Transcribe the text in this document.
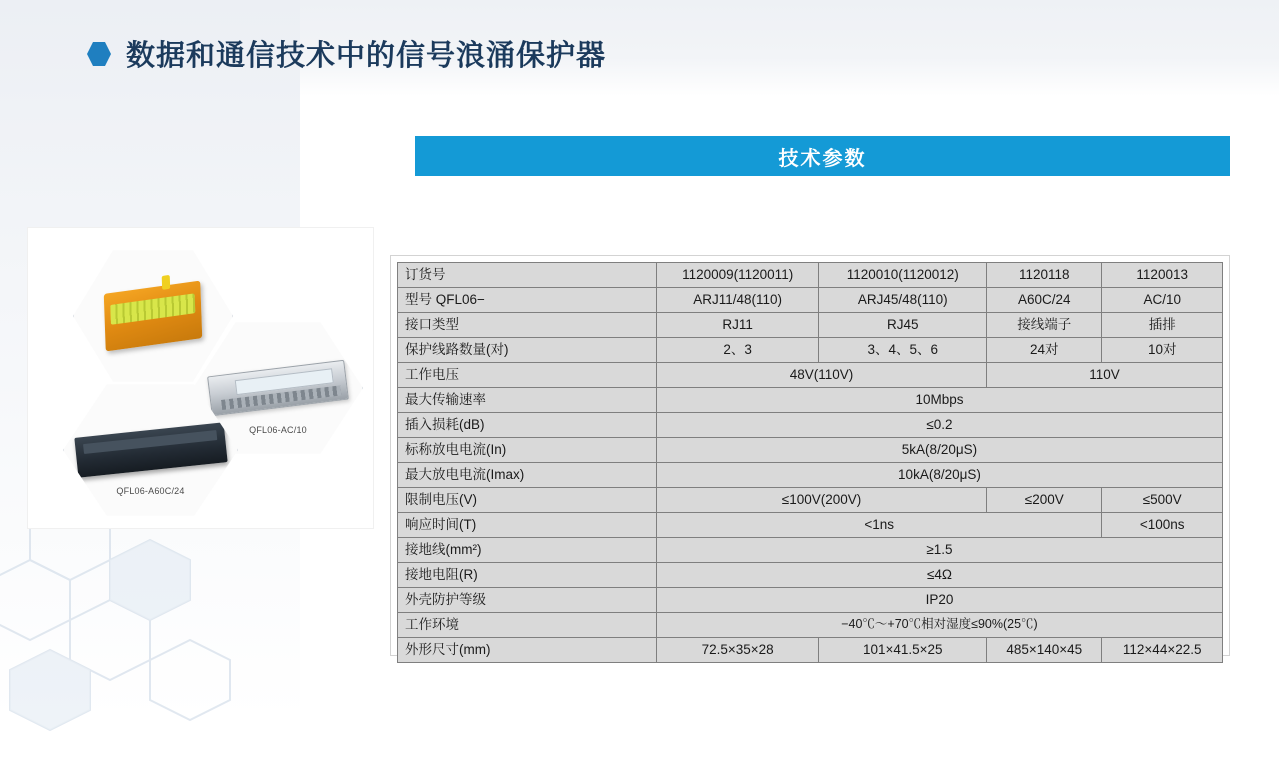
数据和通信技术中的信号浪涌保护器
技术参数
QFL06-AC/10
QFL06-A60C/24
订货号	1120009(1120011)	1120010(1120012)	1120118	1120013
型号 QFL06−	ARJ11/48(110)	ARJ45/48(110)	A60C/24	AC/10
接口类型	RJ11	RJ45	接线端子	插排
保护线路数量(对)	2、3	3、4、5、6	24对	10对
工作电压	48V(110V)		110V	
最大传输速率	10Mbps			
插入损耗(dB)	≤0.2			
标称放电电流(In)	5kA(8/20μS)			
最大放电电流(Imax)	10kA(8/20μS)			
限制电压(V)	≤100V(200V)		≤200V	≤500V
响应时间(T)	<1ns			<100ns
接地线(mm²)	≥1.5			
接地电阻(R)	≤4Ω			
外壳防护等级	IP20			
工作环境	−40℃～+70℃相对湿度≤90%(25℃)			
外形尺寸(mm)	72.5×35×28	101×41.5×25	485×140×45	112×44×22.5
